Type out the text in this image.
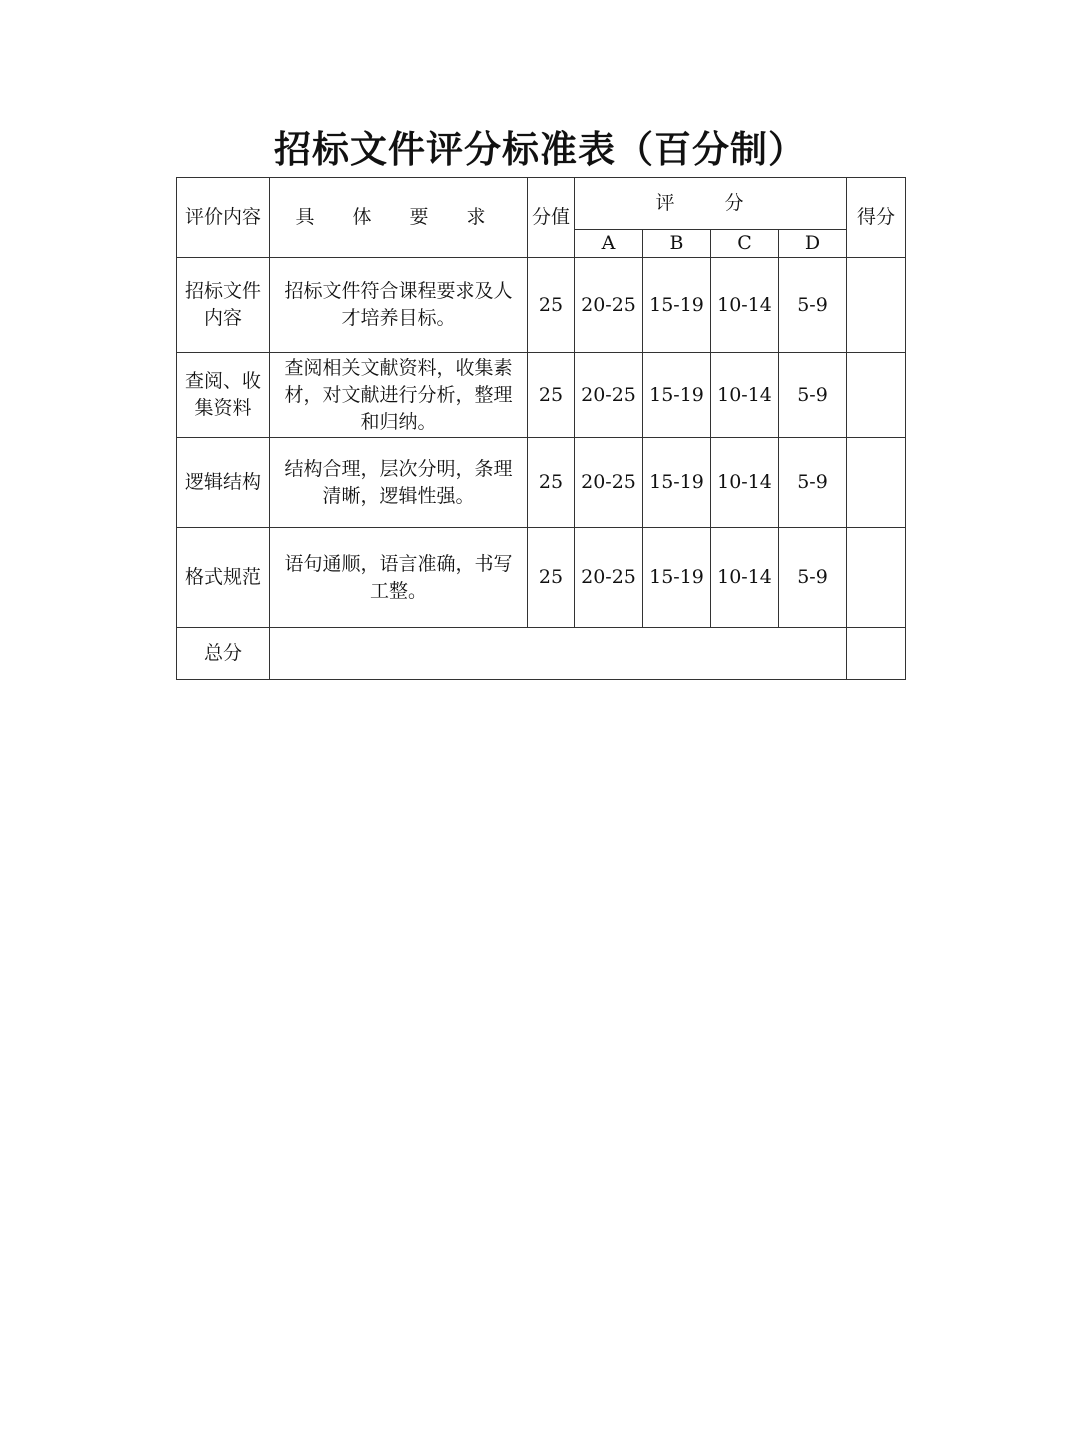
招标文件评分标准表（百分制）
评价内容	具 体 要 求	分值	评 分				得分
			A	B	C	D	
招标文件内容	招标文件符合课程要求及人才培养目标。	25	20-25	15-19	10-14	5-9	
查阅、收集资料	查阅相关文献资料，收集素材，对文献进行分析，整理和归纳。	25	20-25	15-19	10-14	5-9	
逻辑结构	结构合理，层次分明，条理清晰，逻辑性强。	25	20-25	15-19	10-14	5-9	
格式规范	语句通顺，语言准确，书写工整。	25	20-25	15-19	10-14	5-9	
总分							
